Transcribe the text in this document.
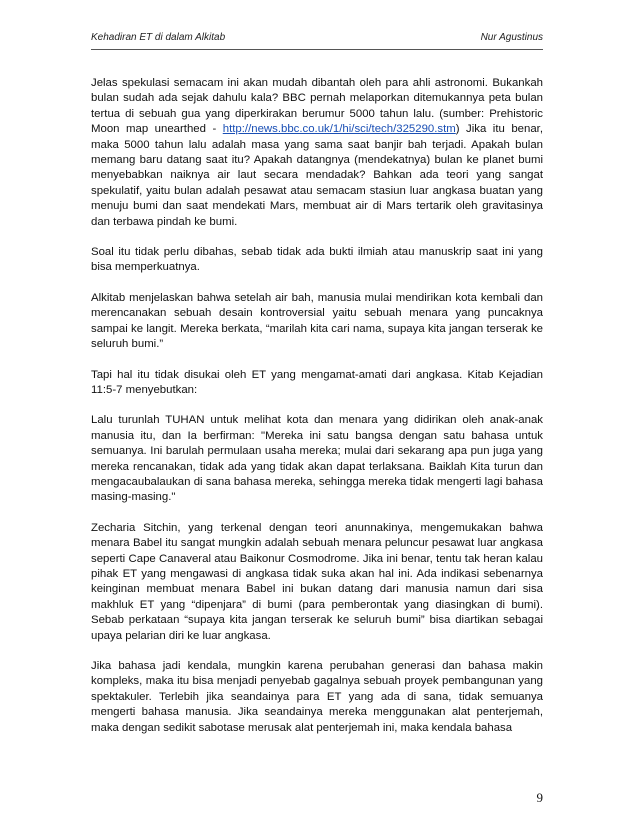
Kehadiran ET di dalam Alkitab	Nur Agustinus

Jelas spekulasi semacam ini akan mudah dibantah oleh para ahli astronomi. Bukankah bulan sudah ada sejak dahulu kala? BBC pernah melaporkan ditemukannya peta bulan tertua di sebuah gua yang diperkirakan berumur 5000 tahun lalu. (sumber: Prehistoric Moon map unearthed - http://news.bbc.co.uk/1/hi/sci/tech/325290.stm) Jika itu benar, maka 5000 tahun lalu adalah masa yang sama saat banjir bah terjadi. Apakah bulan memang baru datang saat itu? Apakah datangnya (mendekatnya) bulan ke planet bumi menyebabkan naiknya air laut secara mendadak? Bahkan ada teori yang sangat spekulatif, yaitu bulan adalah pesawat atau semacam stasiun luar angkasa buatan yang menuju bumi dan saat mendekati Mars, membuat air di Mars tertarik oleh gravitasinya dan terbawa pindah ke bumi.

Soal itu tidak perlu dibahas, sebab tidak ada bukti ilmiah atau manuskrip saat ini yang bisa memperkuatnya.

Alkitab menjelaskan bahwa setelah air bah, manusia mulai mendirikan kota kembali dan merencanakan sebuah desain kontroversial yaitu sebuah menara yang puncaknya sampai ke langit. Mereka berkata, “marilah kita cari nama, supaya kita jangan terserak ke seluruh bumi.”

Tapi hal itu tidak disukai oleh ET yang mengamat-amati dari angkasa. Kitab Kejadian 11:5-7 menyebutkan:

Lalu turunlah TUHAN untuk melihat kota dan menara yang didirikan oleh anak-anak manusia itu, dan Ia berfirman: "Mereka ini satu bangsa dengan satu bahasa untuk semuanya. Ini barulah permulaan usaha mereka; mulai dari sekarang apa pun juga yang mereka rencanakan, tidak ada yang tidak akan dapat terlaksana. Baiklah Kita turun dan mengacaubalaukan di sana bahasa mereka, sehingga mereka tidak mengerti lagi bahasa masing-masing."

Zecharia Sitchin, yang terkenal dengan teori anunnakinya, mengemukakan bahwa menara Babel itu sangat mungkin adalah sebuah menara peluncur pesawat luar angkasa seperti Cape Canaveral atau Baikonur Cosmodrome. Jika ini benar, tentu tak heran kalau pihak ET yang mengawasi di angkasa tidak suka akan hal ini. Ada indikasi sebenarnya keinginan membuat menara Babel ini bukan datang dari manusia namun dari sisa makhluk ET yang “dipenjara” di bumi (para pemberontak yang diasingkan di bumi). Sebab perkataan “supaya kita jangan terserak ke seluruh bumi” bisa diartikan sebagai upaya pelarian diri ke luar angkasa.

Jika bahasa jadi kendala, mungkin karena perubahan generasi dan bahasa makin kompleks, maka itu bisa menjadi penyebab gagalnya sebuah proyek pembangunan yang spektakuler. Terlebih jika seandainya para ET yang ada di sana, tidak semuanya mengerti bahasa manusia. Jika seandainya mereka menggunakan alat penterjemah, maka dengan sedikit sabotase merusak alat penterjemah ini, maka kendala bahasa

9
